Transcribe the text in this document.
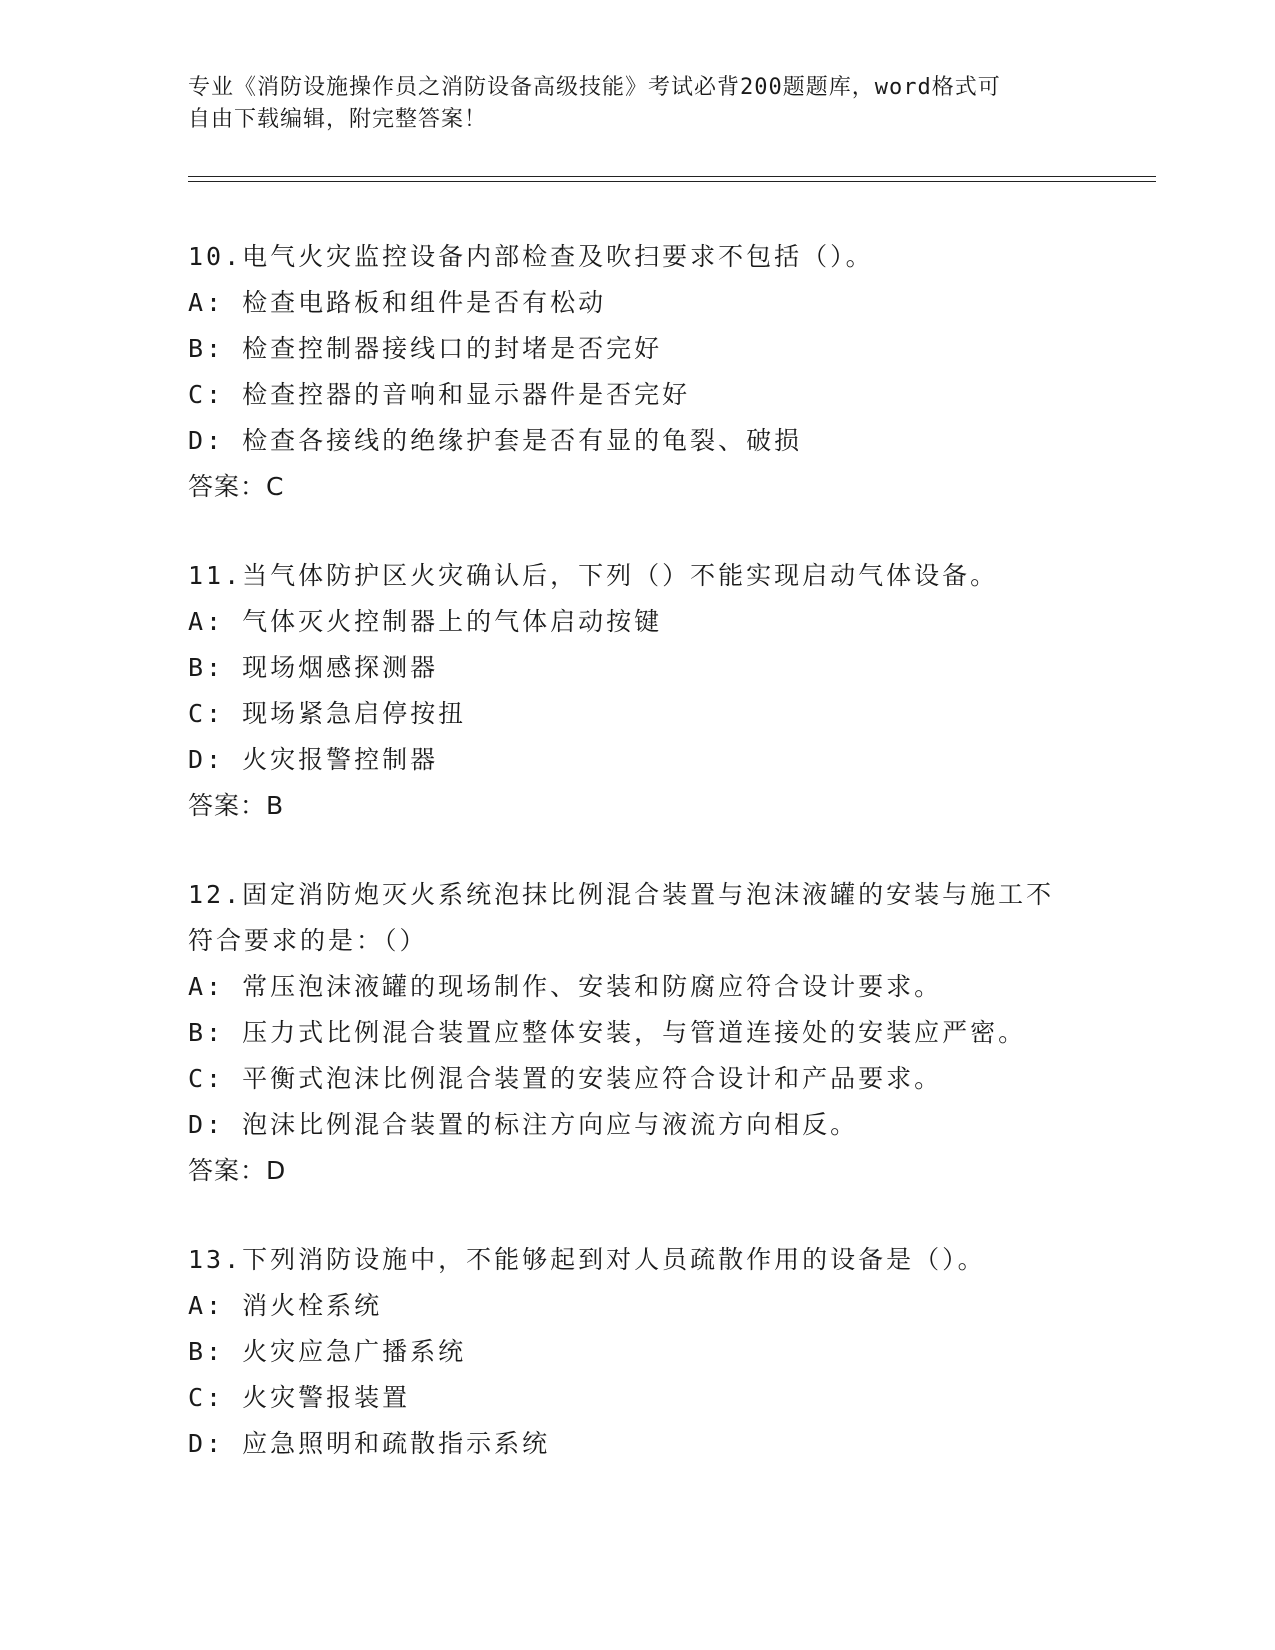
专业《消防设施操作员之消防设备高级技能》考试必背200题题库，word格式可
自由下载编辑，附完整答案！
10.电气火灾监控设备内部检查及吹扫要求不包括（）。
A: 检查电路板和组件是否有松动
B: 检查控制器接线口的封堵是否完好
C: 检查控器的音响和显示器件是否完好
D: 检查各接线的绝缘护套是否有显的龟裂、破损
答案：C
11.当气体防护区火灾确认后，下列（）不能实现启动气体设备。
A: 气体灭火控制器上的气体启动按键
B: 现场烟感探测器
C: 现场紧急启停按扭
D: 火灾报警控制器
答案：B
12.固定消防炮灭火系统泡抹比例混合装置与泡沫液罐的安装与施工不
符合要求的是：（）
A: 常压泡沫液罐的现场制作、安装和防腐应符合设计要求。
B: 压力式比例混合装置应整体安装，与管道连接处的安装应严密。
C: 平衡式泡沫比例混合装置的安装应符合设计和产品要求。
D: 泡沫比例混合装置的标注方向应与液流方向相反。
答案：D
13.下列消防设施中，不能够起到对人员疏散作用的设备是（）。
A: 消火栓系统
B: 火灾应急广播系统
C: 火灾警报装置
D: 应急照明和疏散指示系统
